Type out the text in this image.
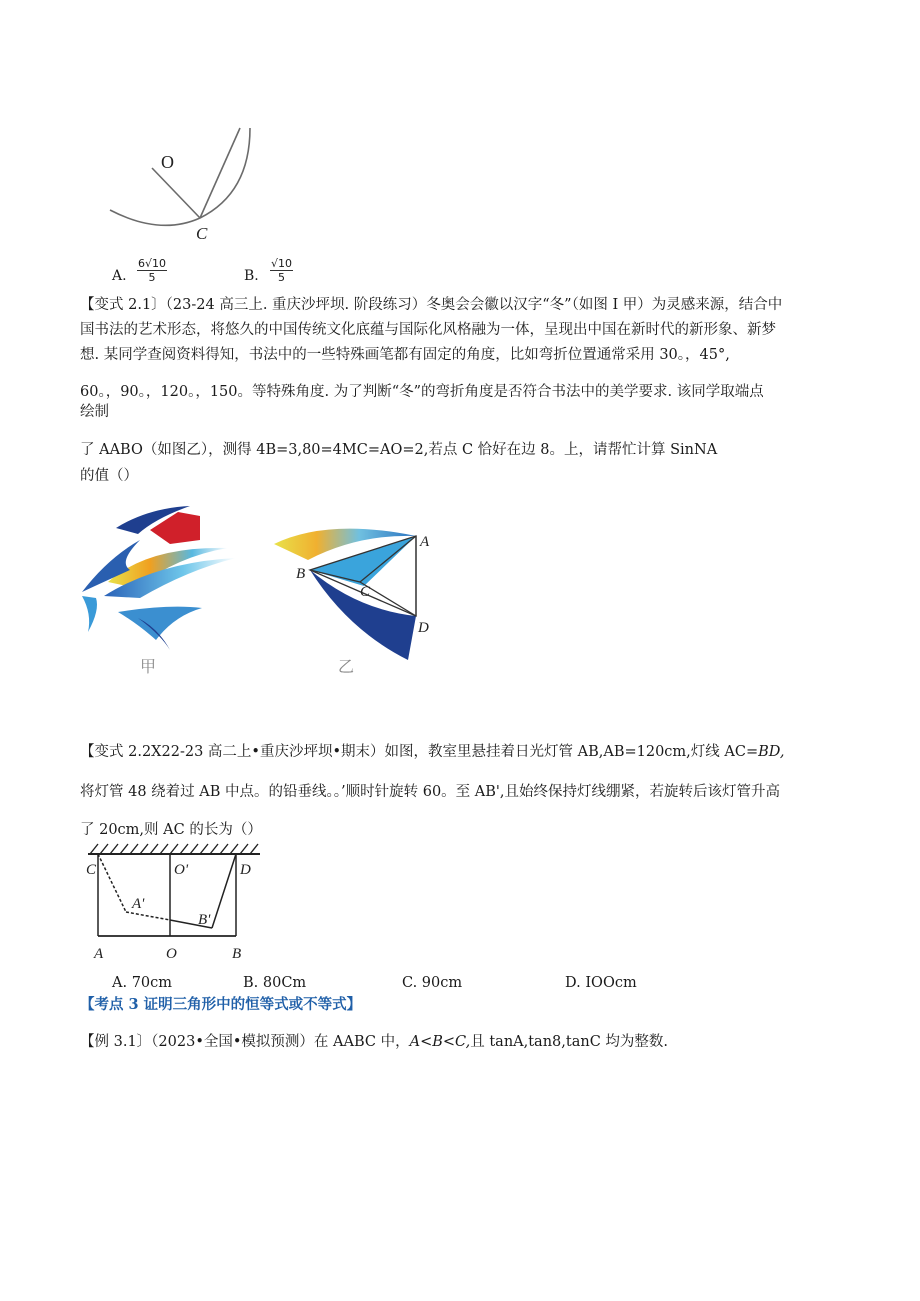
O
C
A. $\frac{6√10}{5}$	B. $\frac{√10}{5}$
【变式 2.1〕（23-24 高三上. 重庆沙坪坝. 阶段练习）冬奥会会徽以汉字“冬”（如图 I 甲）为灵感来源，结合中
国书法的艺术形态，将悠久的中国传统文化底蕴与国际化风格融为一体，呈现出中国在新时代的新形象、新梦
想. 某同学查阅资料得知，书法中的一些特殊画笔都有固定的角度，比如弯折位置通常采用 30。，45°,
60。，90。，120。，150。等特殊角度. 为了判断“冬”的弯折角度是否符合书法中的美学要求. 该同学取端点
绘制
了 AABO（如图乙），测得 4B=3,80=4MC=AO=2,若点 C 恰好在边 8。上，请帮忙计算 SinNA
的值（）
甲
A
B
C
D
乙
【变式 2.2X22-23 高二上•重庆沙坪坝•期末）如图，教室里悬挂着日光灯管 AB,AB=120cm,灯线 AC=BD,
将灯管 48 绕着过 AB 中点。的铅垂线。。’顺时针旋转 60。至 AB',且始终保持灯线绷紧，若旋转后该灯管升高
了 20cm,则 AC 的长为（）
C	O'	D
A'
B'
A	O	B
A. 70cm	B. 80Cm	C. 90cm	D. IOOcm
【考点 3 证明三角形中的恒等式或不等式】
【例 3.1〕（2023•全国•模拟预测）在 AABC 中，A<B<C,且 tanA,tan8,tanC 均为整数.
